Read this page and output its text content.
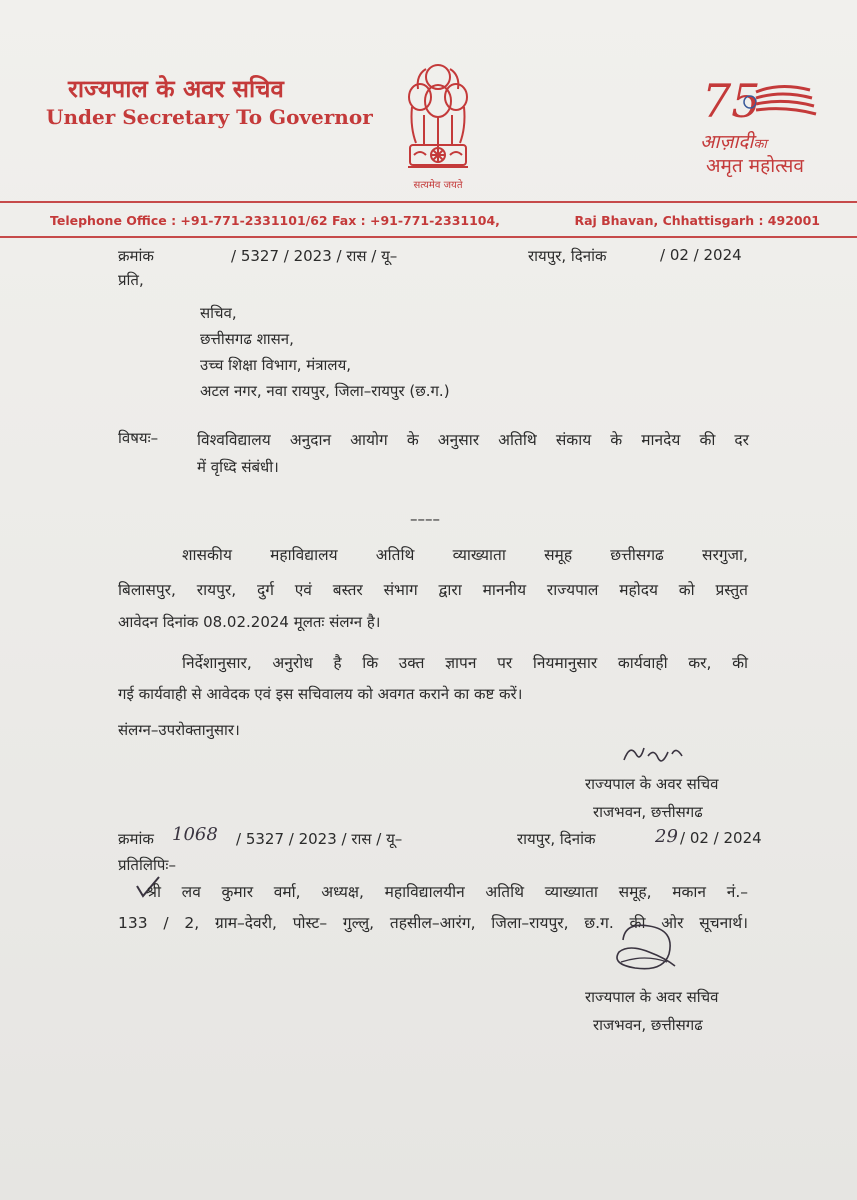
राज्यपाल के अवर सचिव
Under Secretary To Governor
सत्यमेव जयते
75
आज़ादीका
अमृत महोत्सव
Telephone Office : +91-771-2331101/62 Fax : +91-771-2331104,	Raj Bhavan, Chhattisgarh : 492001
क्रमांक	/ 5327 / 2023 / रास / यू–	रायपुर, दिनांक	/ 02 / 2024
प्रति,
सचिव,
छत्तीसगढ शासन,
उच्च शिक्षा विभाग, मंत्रालय,
अटल नगर, नवा रायपुर, जिला–रायपुर (छ.ग.)
विषयः–	विश्वविद्यालय अनुदान आयोग के अनुसार अतिथि संकाय के मानदेय की दर
में वृध्दि संबंधी।
––––
शासकीय महाविद्यालय अतिथि व्याख्याता समूह छत्तीसगढ सरगुजा,
बिलासपुर, रायपुर, दुर्ग एवं बस्तर संभाग द्वारा माननीय राज्यपाल महोदय को प्रस्तुत
आवेदन दिनांक 08.02.2024 मूलतः संलग्न है।
निर्देशानुसार, अनुरोध है कि उक्त ज्ञापन पर नियमानुसार कार्यवाही कर, की
गई कार्यवाही से आवेदक एवं इस सचिवालय को अवगत कराने का कष्ट करें।
संलग्न–उपरोक्तानुसार।
राज्यपाल के अवर सचिव
राजभवन, छत्तीसगढ
क्रमांक 1068 / 5327 / 2023 / रास / यू–	रायपुर, दिनांक	29 / 02 / 2024
प्रतिलिपिः–
श्री लव कुमार वर्मा, अध्यक्ष, महाविद्यालयीन अतिथि व्याख्याता समूह, मकान नं.–
133 / 2, ग्राम–देवरी, पोस्ट– गुल्लु, तहसील–आरंग, जिला–रायपुर, छ.ग. की ओर सूचनार्थ।
राज्यपाल के अवर सचिव
राजभवन, छत्तीसगढ
